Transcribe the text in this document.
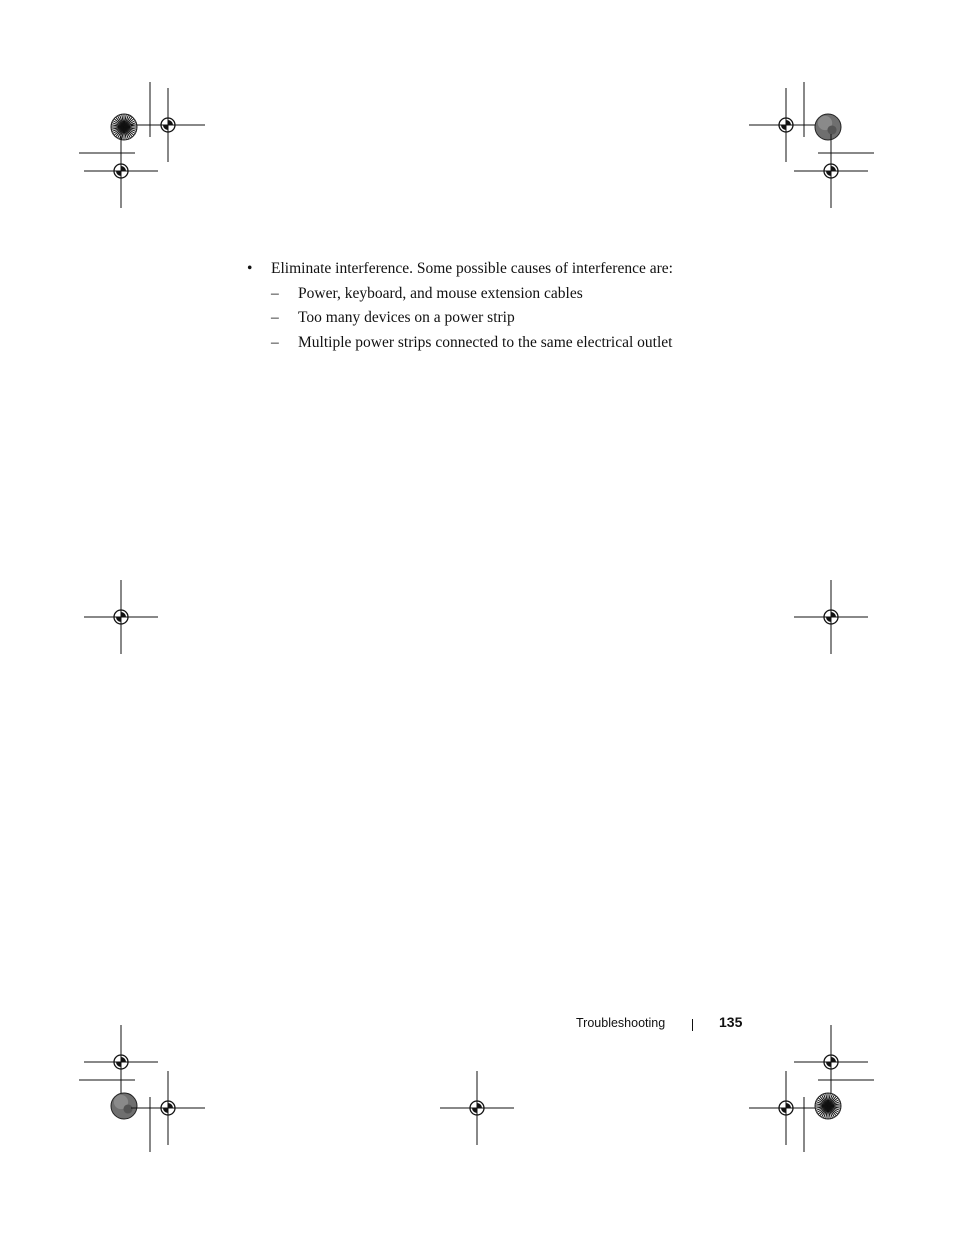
• Eliminate interference. Some possible causes of interference are:
– Power, keyboard, and mouse extension cables
– Too many devices on a power strip
– Multiple power strips connected to the same electrical outlet
Troubleshooting	135
